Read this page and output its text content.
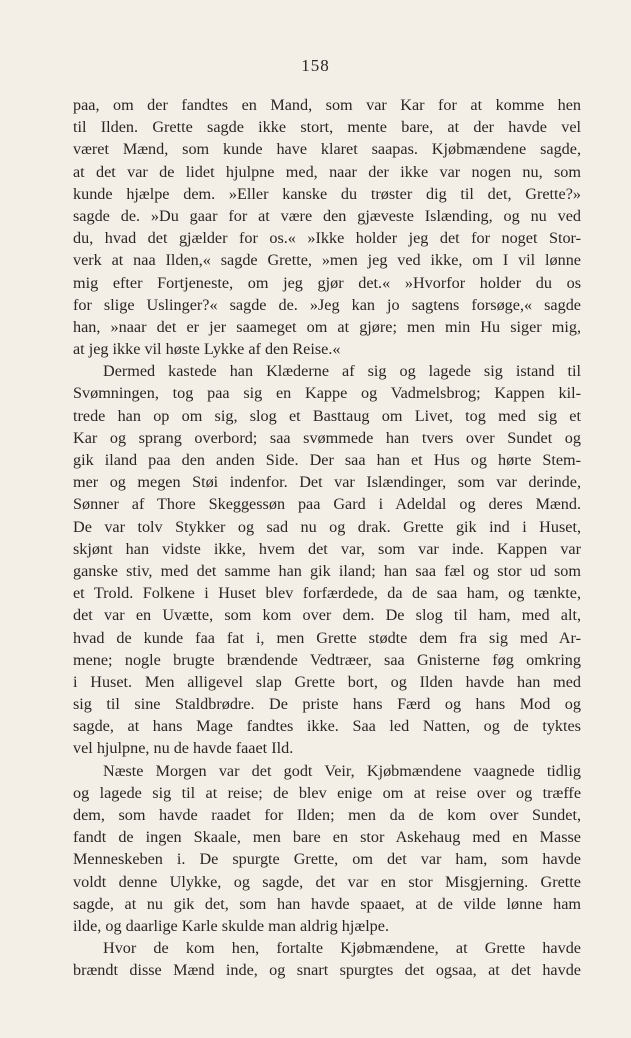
158
paa, om der fandtes en Mand, som var Kar for at komme hen
til Ilden. Grette sagde ikke stort, mente bare, at der havde vel
været Mænd, som kunde have klaret saapas. Kjøbmændene sagde,
at det var de lidet hjulpne med, naar der ikke var nogen nu, som
kunde hjælpe dem. »Eller kanske du trøster dig til det, Grette?»
sagde de. »Du gaar for at være den gjæveste Islænding, og nu ved
du, hvad det gjælder for os.« »Ikke holder jeg det for noget Stor-
verk at naa Ilden,« sagde Grette, »men jeg ved ikke, om I vil lønne
mig efter Fortjeneste, om jeg gjør det.« »Hvorfor holder du os
for slige Uslinger?« sagde de. »Jeg kan jo sagtens forsøge,« sagde
han, »naar det er jer saameget om at gjøre; men min Hu siger mig,
at jeg ikke vil høste Lykke af den Reise.«
Dermed kastede han Klæderne af sig og lagede sig istand til
Svømningen, tog paa sig en Kappe og Vadmelsbrog; Kappen kil-
trede han op om sig, slog et Basttaug om Livet, tog med sig et
Kar og sprang overbord; saa svømmede han tvers over Sundet og
gik iland paa den anden Side. Der saa han et Hus og hørte Stem-
mer og megen Støi indenfor. Det var Islændinger, som var derinde,
Sønner af Thore Skeggessøn paa Gard i Adeldal og deres Mænd.
De var tolv Stykker og sad nu og drak. Grette gik ind i Huset,
skjønt han vidste ikke, hvem det var, som var inde. Kappen var
ganske stiv, med det samme han gik iland; han saa fæl og stor ud som
et Trold. Folkene i Huset blev forfærdede, da de saa ham, og tænkte,
det var en Uvætte, som kom over dem. De slog til ham, med alt,
hvad de kunde faa fat i, men Grette stødte dem fra sig med Ar-
mene; nogle brugte brændende Vedtræer, saa Gnisterne føg omkring
i Huset. Men alligevel slap Grette bort, og Ilden havde han med
sig til sine Staldbrødre. De priste hans Færd og hans Mod og
sagde, at hans Mage fandtes ikke. Saa led Natten, og de tyktes
vel hjulpne, nu de havde faaet Ild.
Næste Morgen var det godt Veir, Kjøbmændene vaagnede tidlig
og lagede sig til at reise; de blev enige om at reise over og træffe
dem, som havde raadet for Ilden; men da de kom over Sundet,
fandt de ingen Skaale, men bare en stor Askehaug med en Masse
Menneskeben i. De spurgte Grette, om det var ham, som havde
voldt denne Ulykke, og sagde, det var en stor Misgjerning. Grette
sagde, at nu gik det, som han havde spaaet, at de vilde lønne ham
ilde, og daarlige Karle skulde man aldrig hjælpe.
Hvor de kom hen, fortalte Kjøbmændene, at Grette havde
brændt disse Mænd inde, og snart spurgtes det ogsaa, at det havde
